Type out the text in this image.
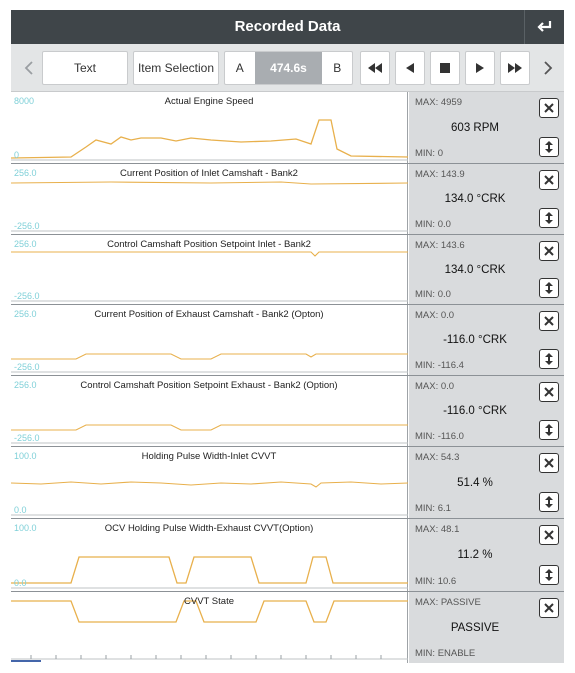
Recorded Data
Text	Item Selection	A	474.6s	B
8000
0
Actual Engine Speed	MAX: 4959
603 RPM
MIN: 0
256.0
-256.0
Current Position of Inlet Camshaft - Bank2	MAX: 143.9
134.0 °CRK
MIN: 0.0
256.0
-256.0
Control Camshaft Position Setpoint Inlet - Bank2	MAX: 143.6
134.0 °CRK
MIN: 0.0
256.0
-256.0
Current Position of Exhaust Camshaft - Bank2 (Opton)	MAX: 0.0
-116.0 °CRK
MIN: -116.4
256.0
-256.0
Control Camshaft Position Setpoint Exhaust - Bank2 (Option)	MAX: 0.0
-116.0 °CRK
MIN: -116.0
100.0
0.0
Holding Pulse Width-Inlet CVVT	MAX: 54.3
51.4 %
MIN: 6.1
100.0
0.0
OCV Holding Pulse Width-Exhaust CVVT(Option)	MAX: 48.1
11.2 %
MIN: 10.6
CVVT State	MAX: PASSIVE
PASSIVE
MIN: ENABLE
